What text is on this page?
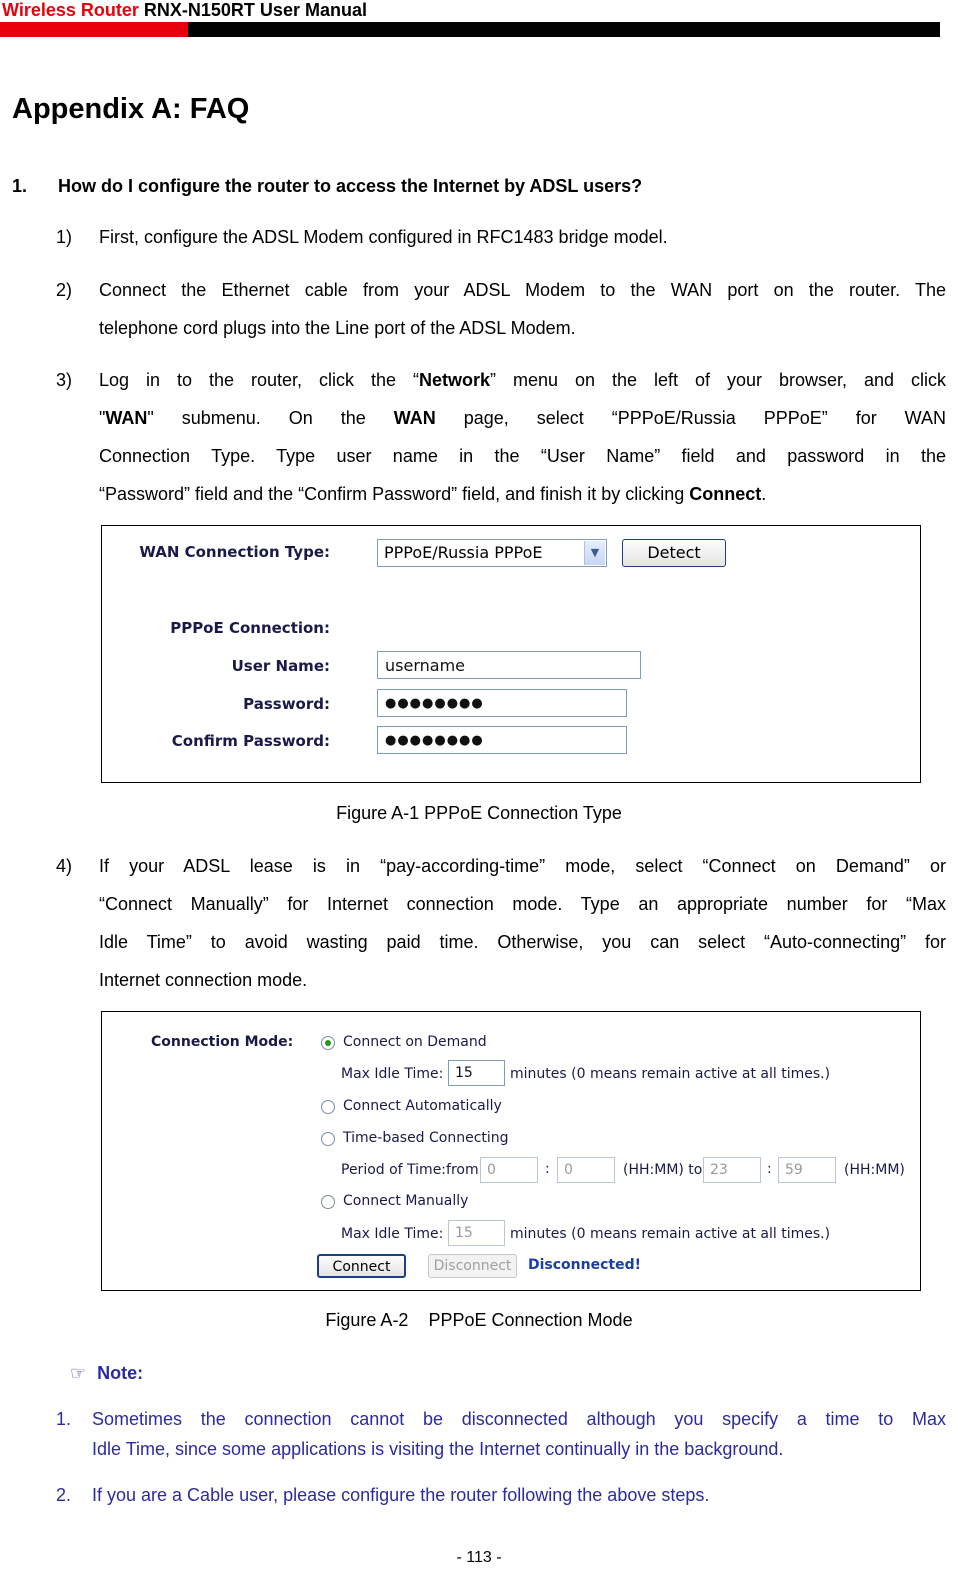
Wireless Router RNX-N150RT User Manual
Appendix A: FAQ
1. How do I configure the router to access the Internet by ADSL users?
1) First, configure the ADSL Modem configured in RFC1483 bridge model.
2) Connect the Ethernet cable from your ADSL Modem to the WAN port on the router. The
telephone cord plugs into the Line port of the ADSL Modem.
3) Log in to the router, click the “Network” menu on the left of your browser, and click
"WAN" submenu. On the WAN page, select “PPPoE/Russia PPPoE” for WAN
Connection Type. Type user name in the “User Name” field and password in the
“Password” field and the “Confirm Password” field, and finish it by clicking Connect.
WAN Connection Type:	PPPoE/Russia PPPoE	▼	Detect
PPPoE Connection:
User Name:	username
Password:	●●●●●●●●
Confirm Password:	●●●●●●●●
Figure A-1 PPPoE Connection Type
4) If your ADSL lease is in “pay-according-time” mode, select “Connect on Demand” or
“Connect Manually” for Internet connection mode. Type an appropriate number for “Max
Idle Time” to avoid wasting paid time. Otherwise, you can select “Auto-connecting” for
Internet connection mode.
Connection Mode:	Connect on Demand
Max Idle Time: 15	minutes (0 means remain active at all times.)
Connect Automatically
Time-based Connecting
Period of Time:from 0	:	0	(HH:MM) to 23	: 59	(HH:MM)
Connect Manually
Max Idle Time: 15	minutes (0 means remain active at all times.)
Connect	Disconnect	Disconnected!
Figure A-2    PPPoE Connection Mode
☞ Note:
1. Sometimes the connection cannot be disconnected although you specify a time to Max
Idle Time, since some applications is visiting the Internet continually in the background.
2. If you are a Cable user, please configure the router following the above steps.
- 113 -
